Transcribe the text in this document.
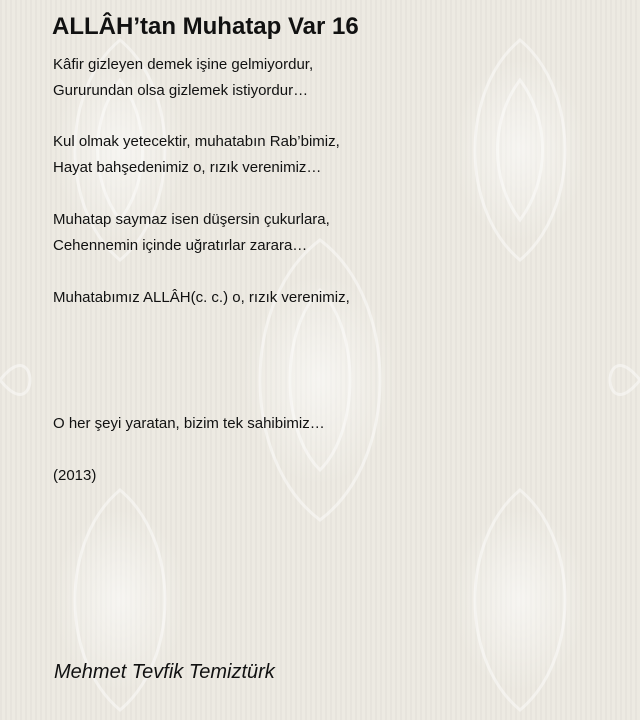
ALLÂH’tan Muhatap Var 16
Kâfir gizleyen demek işine gelmiyordur,
Gururundan olsa gizlemek istiyordur…
Kul olmak yetecektir, muhatabın Rab’bimiz,
Hayat bahşedenimiz o, rızık verenimiz…
Muhatap saymaz isen düşersin çukurlara,
Cehennemin içinde uğratırlar zarara…
Muhatabımız ALLÂH(c. c.) o, rızık verenimiz,
O her şeyi yaratan, bizim tek sahibimiz…
(2013)
Mehmet Tevfik Temiztürk
